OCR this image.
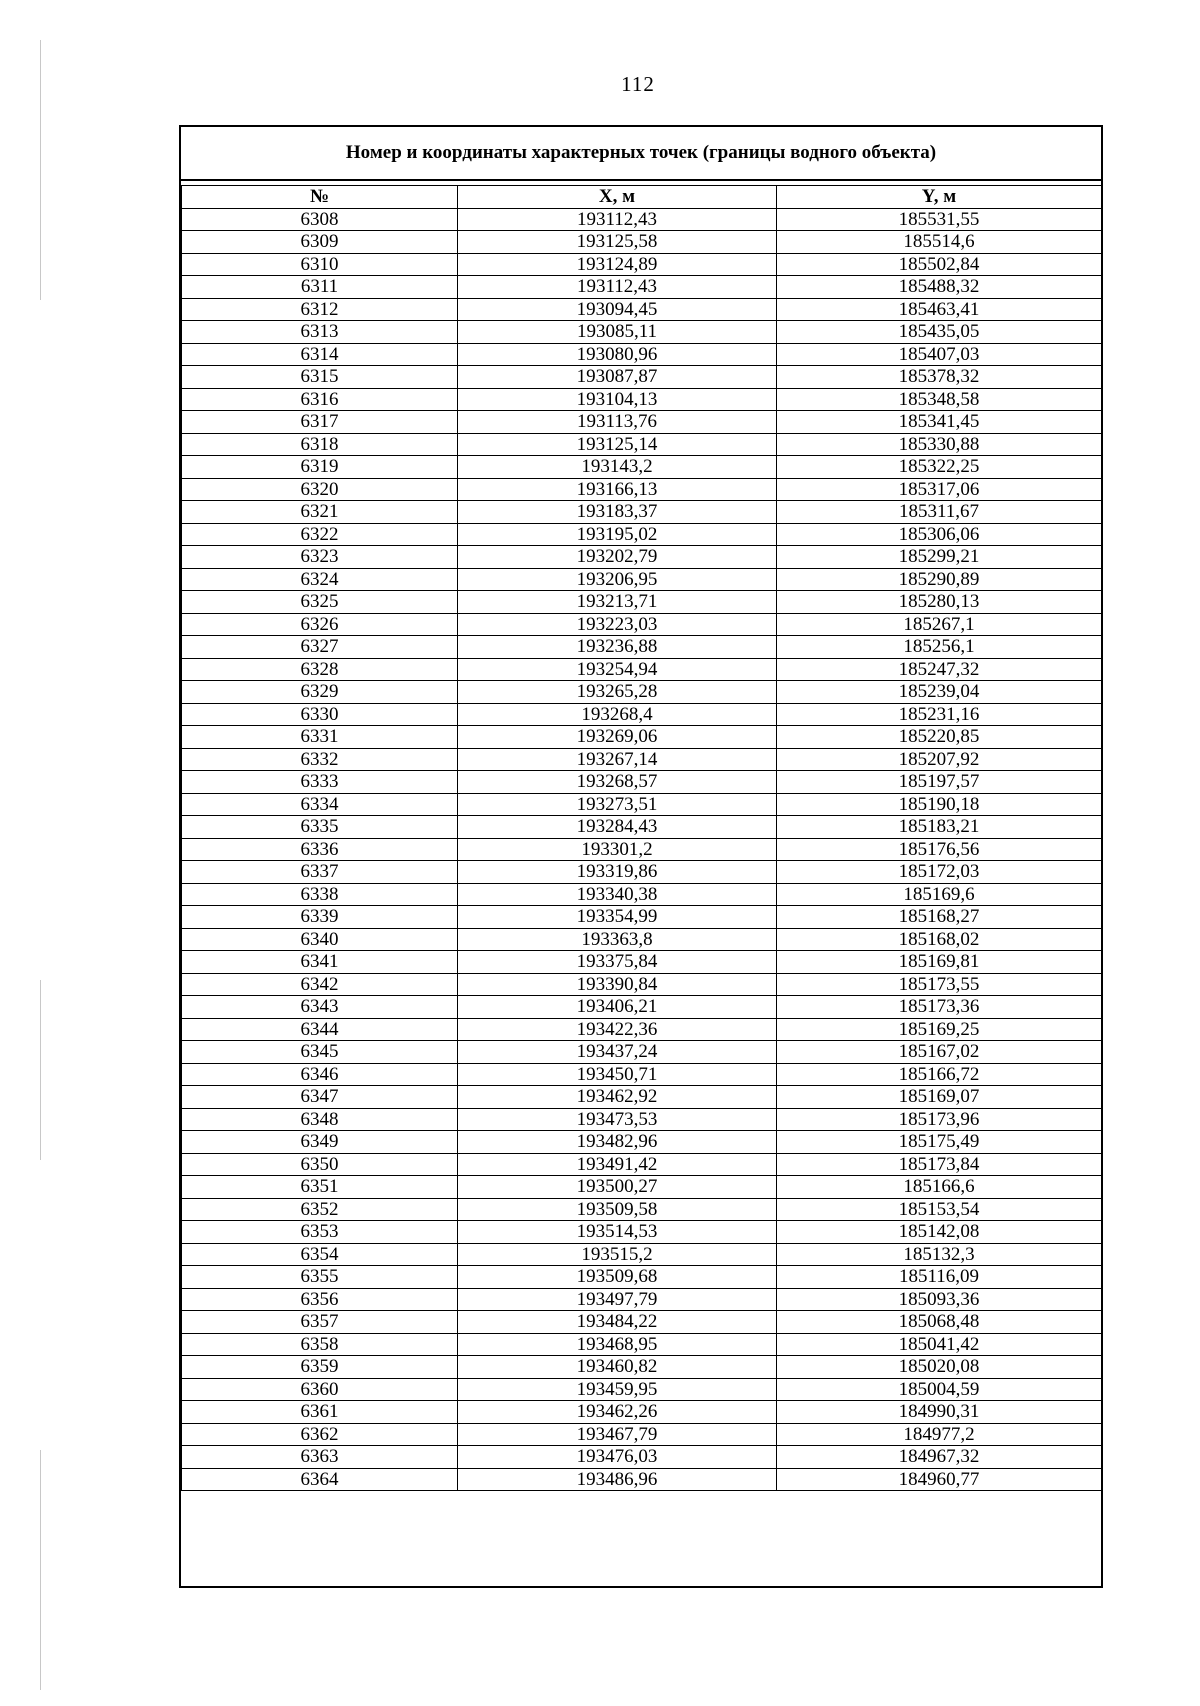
112
Номер и координаты характерных точек (границы водного объекта)
№	X, м	Y, м
6308	193112,43	185531,55
6309	193125,58	185514,6
6310	193124,89	185502,84
6311	193112,43	185488,32
6312	193094,45	185463,41
6313	193085,11	185435,05
6314	193080,96	185407,03
6315	193087,87	185378,32
6316	193104,13	185348,58
6317	193113,76	185341,45
6318	193125,14	185330,88
6319	193143,2	185322,25
6320	193166,13	185317,06
6321	193183,37	185311,67
6322	193195,02	185306,06
6323	193202,79	185299,21
6324	193206,95	185290,89
6325	193213,71	185280,13
6326	193223,03	185267,1
6327	193236,88	185256,1
6328	193254,94	185247,32
6329	193265,28	185239,04
6330	193268,4	185231,16
6331	193269,06	185220,85
6332	193267,14	185207,92
6333	193268,57	185197,57
6334	193273,51	185190,18
6335	193284,43	185183,21
6336	193301,2	185176,56
6337	193319,86	185172,03
6338	193340,38	185169,6
6339	193354,99	185168,27
6340	193363,8	185168,02
6341	193375,84	185169,81
6342	193390,84	185173,55
6343	193406,21	185173,36
6344	193422,36	185169,25
6345	193437,24	185167,02
6346	193450,71	185166,72
6347	193462,92	185169,07
6348	193473,53	185173,96
6349	193482,96	185175,49
6350	193491,42	185173,84
6351	193500,27	185166,6
6352	193509,58	185153,54
6353	193514,53	185142,08
6354	193515,2	185132,3
6355	193509,68	185116,09
6356	193497,79	185093,36
6357	193484,22	185068,48
6358	193468,95	185041,42
6359	193460,82	185020,08
6360	193459,95	185004,59
6361	193462,26	184990,31
6362	193467,79	184977,2
6363	193476,03	184967,32
6364	193486,96	184960,77
